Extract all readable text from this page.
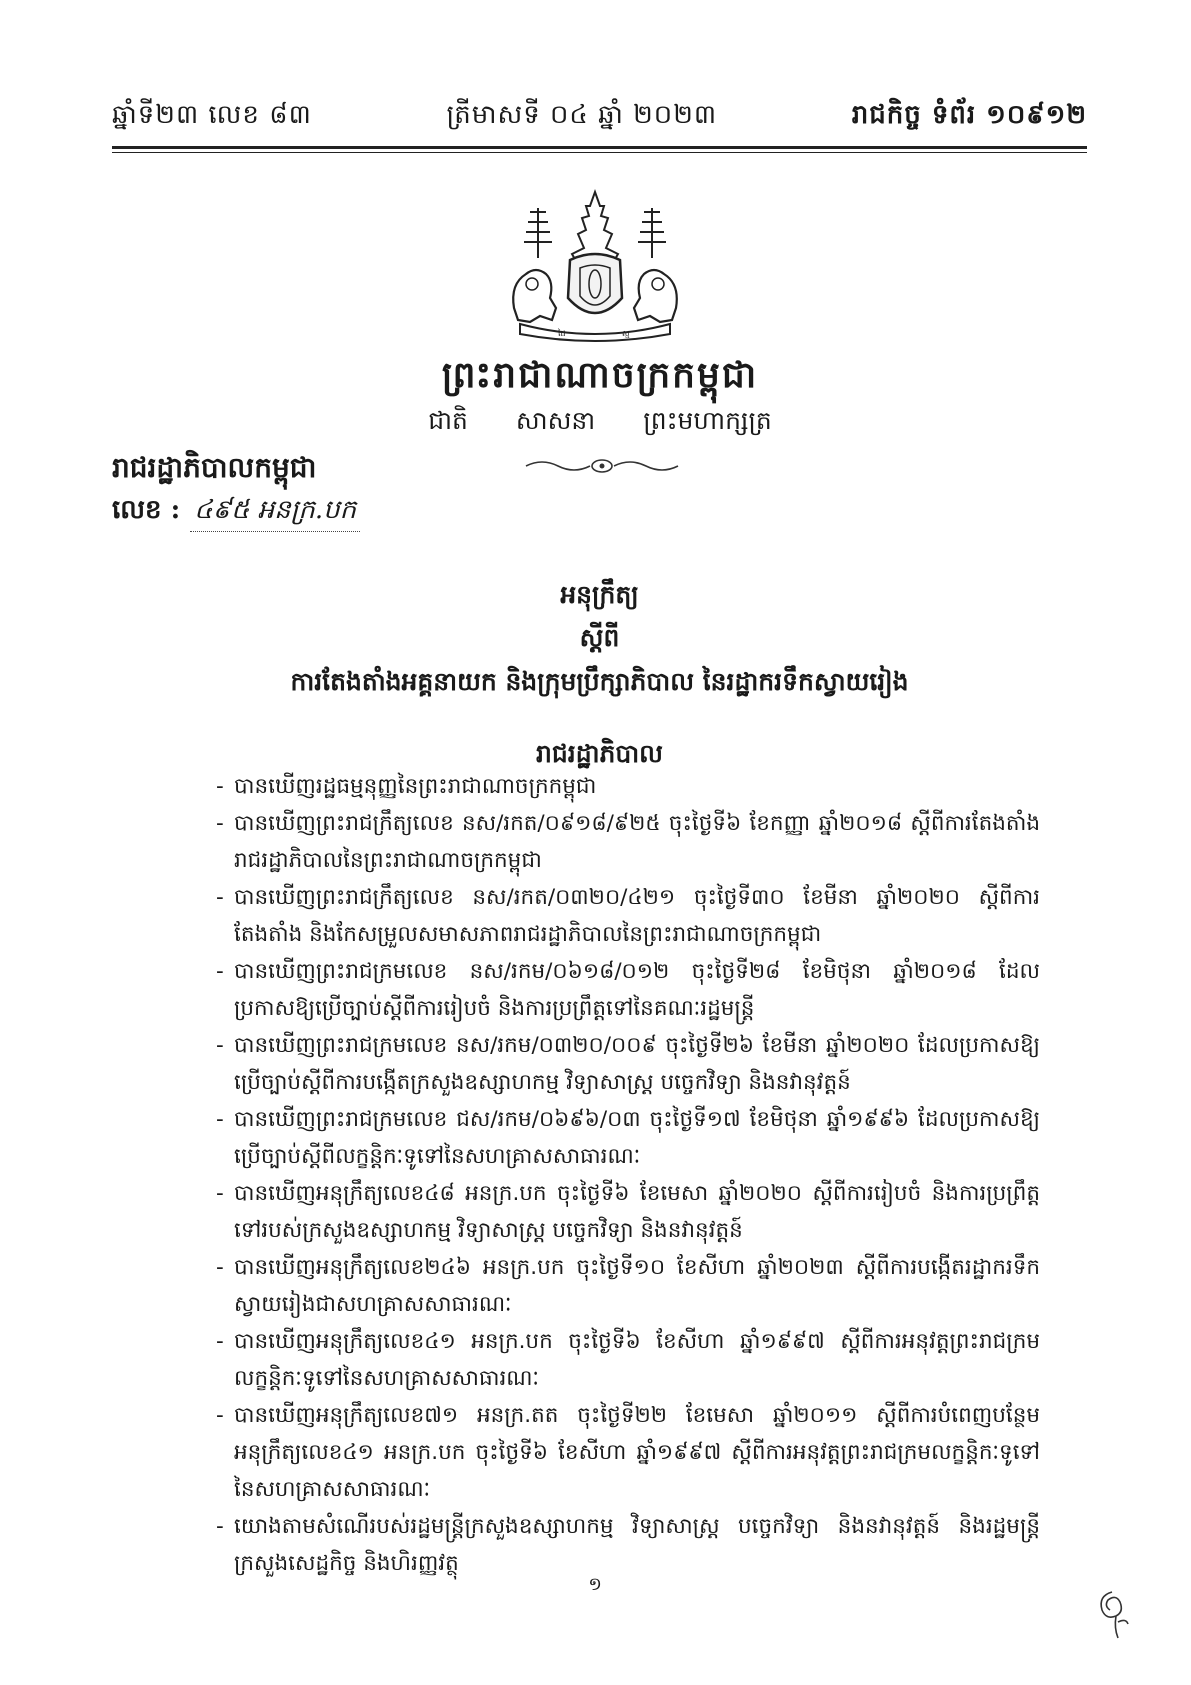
ឆ្នាំទី២៣ លេខ ៨៣	ត្រីមាសទី ០៤ ឆ្នាំ ២០២៣	រាជកិច្ច ទំព័រ ១០៩១២
ដៃ	ស្ម
ព្រះរាជាណាចក្រកម្ពុជា
ជាតិ សាសនា ព្រះមហាក្សត្រ
រាជរដ្ឋាភិបាលកម្ពុជា
លេខ : ៤៩៥ អនក្រ.បក
អនុក្រឹត្យ
ស្តីពី
ការតែងតាំងអគ្គនាយក និងក្រុមប្រឹក្សាភិបាល នៃរដ្ឋាករទឹកស្វាយរៀង
រាជរដ្ឋាភិបាល
- បានឃើញរដ្ឋធម្មនុញ្ញនៃព្រះរាជាណាចក្រកម្ពុជា
- បានឃើញព្រះរាជក្រឹត្យលេខ នស/រកត/០៩១៨/៩២៥ ចុះថ្ងៃទី៦ ខែកញ្ញា ឆ្នាំ២០១៨ ស្តីពីការតែងតាំងរាជរដ្ឋាភិបាលនៃព្រះរាជាណាចក្រកម្ពុជា
- បានឃើញព្រះរាជក្រឹត្យលេខ នស/រកត/០៣២០/៤២១ ចុះថ្ងៃទី៣០ ខែមីនា ឆ្នាំ២០២០ ស្តីពីការតែងតាំង និងកែសម្រួលសមាសភាពរាជរដ្ឋាភិបាលនៃព្រះរាជាណាចក្រកម្ពុជា
- បានឃើញព្រះរាជក្រមលេខ នស/រកម/០៦១៨/០១២ ចុះថ្ងៃទី២៨ ខែមិថុនា ឆ្នាំ២០១៨ ដែលប្រកាសឱ្យប្រើច្បាប់ស្តីពីការរៀបចំ និងការប្រព្រឹត្តទៅនៃគណៈរដ្ឋមន្ត្រី
- បានឃើញព្រះរាជក្រមលេខ នស/រកម/០៣២០/០០៩ ចុះថ្ងៃទី២៦ ខែមីនា ឆ្នាំ២០២០ ដែលប្រកាសឱ្យប្រើច្បាប់ស្តីពីការបង្កើតក្រសួងឧស្សាហកម្ម វិទ្យាសាស្ត្រ បច្ចេកវិទ្យា និងនវានុវត្តន៍
- បានឃើញព្រះរាជក្រមលេខ ជស/រកម/០៦៩៦/០៣ ចុះថ្ងៃទី១៧ ខែមិថុនា ឆ្នាំ១៩៩៦ ដែលប្រកាសឱ្យប្រើច្បាប់ស្តីពីលក្ខន្តិកៈទូទៅនៃសហគ្រាសសាធារណៈ
- បានឃើញអនុក្រឹត្យលេខ៤៨ អនក្រ.បក ចុះថ្ងៃទី៦ ខែមេសា ឆ្នាំ២០២០ ស្តីពីការរៀបចំ និងការប្រព្រឹត្តទៅរបស់ក្រសួងឧស្សាហកម្ម វិទ្យាសាស្ត្រ បច្ចេកវិទ្យា និងនវានុវត្តន៍
- បានឃើញអនុក្រឹត្យលេខ២៤៦ អនក្រ.បក ចុះថ្ងៃទី១០ ខែសីហា ឆ្នាំ២០២៣ ស្តីពីការបង្កើតរដ្ឋាករទឹកស្វាយរៀងជាសហគ្រាសសាធារណៈ
- បានឃើញអនុក្រឹត្យលេខ៤១ អនក្រ.បក ចុះថ្ងៃទី៦ ខែសីហា ឆ្នាំ១៩៩៧ ស្តីពីការអនុវត្តព្រះរាជក្រមលក្ខន្តិកៈទូទៅនៃសហគ្រាសសាធារណៈ
- បានឃើញអនុក្រឹត្យលេខ៧១ អនក្រ.តត ចុះថ្ងៃទី២២ ខែមេសា ឆ្នាំ២០១១ ស្តីពីការបំពេញបន្ថែមអនុក្រឹត្យលេខ៤១ អនក្រ.បក ចុះថ្ងៃទី៦ ខែសីហា ឆ្នាំ១៩៩៧ ស្តីពីការអនុវត្តព្រះរាជក្រមលក្ខន្តិកៈទូទៅនៃសហគ្រាសសាធារណៈ
- យោងតាមសំណើរបស់រដ្ឋមន្ត្រីក្រសួងឧស្សាហកម្ម វិទ្យាសាស្ត្រ បច្ចេកវិទ្យា និងនវានុវត្តន៍ និងរដ្ឋមន្ត្រីក្រសួងសេដ្ឋកិច្ច និងហិរញ្ញវត្ថុ
១
